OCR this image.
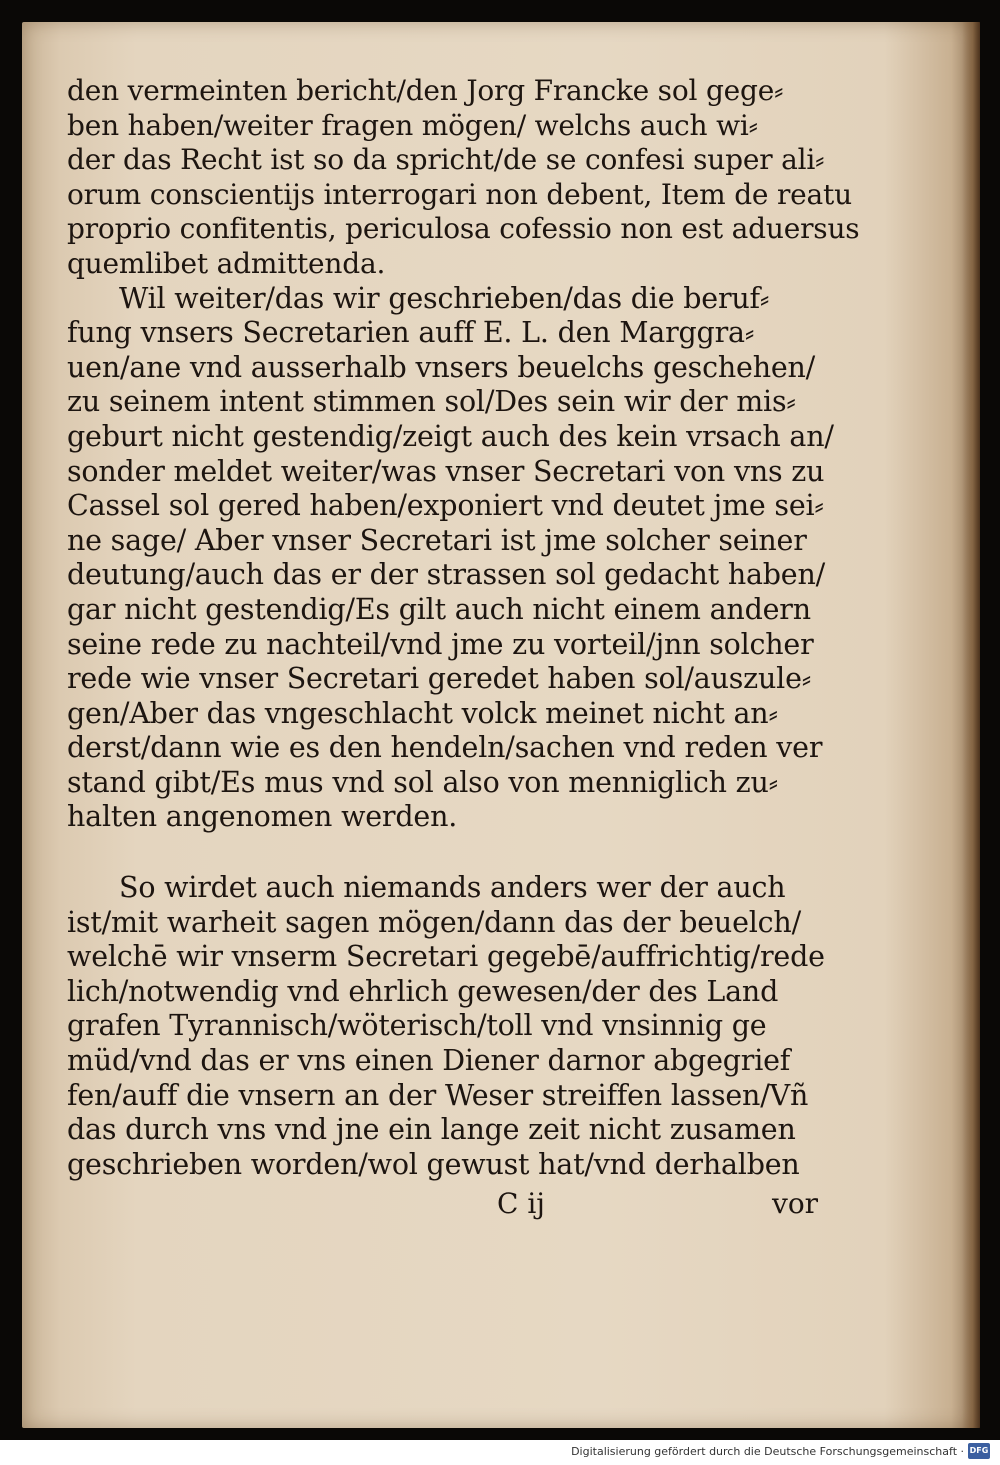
den vermeinten bericht/den Jorg Francke sol gege⸗
ben haben/weiter fragen mögen/ welchs auch wi⸗
der das Recht ist so da spricht/de se confesi super ali⸗
orum conscientijs interrogari non debent, Item de reatu
proprio confitentis, periculosa cofessio non est aduersus
quemlibet admittenda.
Wil weiter/das wir geschrieben/das die beruf⸗
fung vnsers Secretarien auff E. L. den Marggra⸗
uen/ane vnd ausserhalb vnsers beuelchs geschehen/
zu seinem intent stimmen sol/Des sein wir der mis⸗
geburt nicht gestendig/zeigt auch des kein vrsach an/
sonder meldet weiter/was vnser Secretari von vns zu
Cassel sol gered haben/exponiert vnd deutet jme sei⸗
ne sage/ Aber vnser Secretari ist jme solcher seiner
deutung/auch das er der strassen sol gedacht haben/
gar nicht gestendig/Es gilt auch nicht einem andern
seine rede zu nachteil/vnd jme zu vorteil/jnn solcher
rede wie vnser Secretari geredet haben sol/auszule⸗
gen/Aber das vngeschlacht volck meinet nicht an⸗
derst/dann wie es den hendeln/sachen vnd reden ver
stand gibt/Es mus vnd sol also von menniglich zu⸗
halten angenomen werden.
So wirdet auch niemands anders wer der auch
ist/mit warheit sagen mögen/dann das der beuelch/
welchē wir vnserm Secretari gegebē/auffrichtig/rede
lich/notwendig vnd ehrlich gewesen/der des Land
grafen Tyrannisch/wöterisch/toll vnd vnsinnig ge
müd/vnd das er vns einen Diener darnor abgegrief
fen/auff die vnsern an der Weser streiffen lassen/Vñ
das durch vns vnd jne ein lange zeit nicht zusamen
geschrieben worden/wol gewust hat/vnd derhalben
C ij	vor
Digitalisierung gefördert durch die Deutsche Forschungsgemeinschaft · DFG
